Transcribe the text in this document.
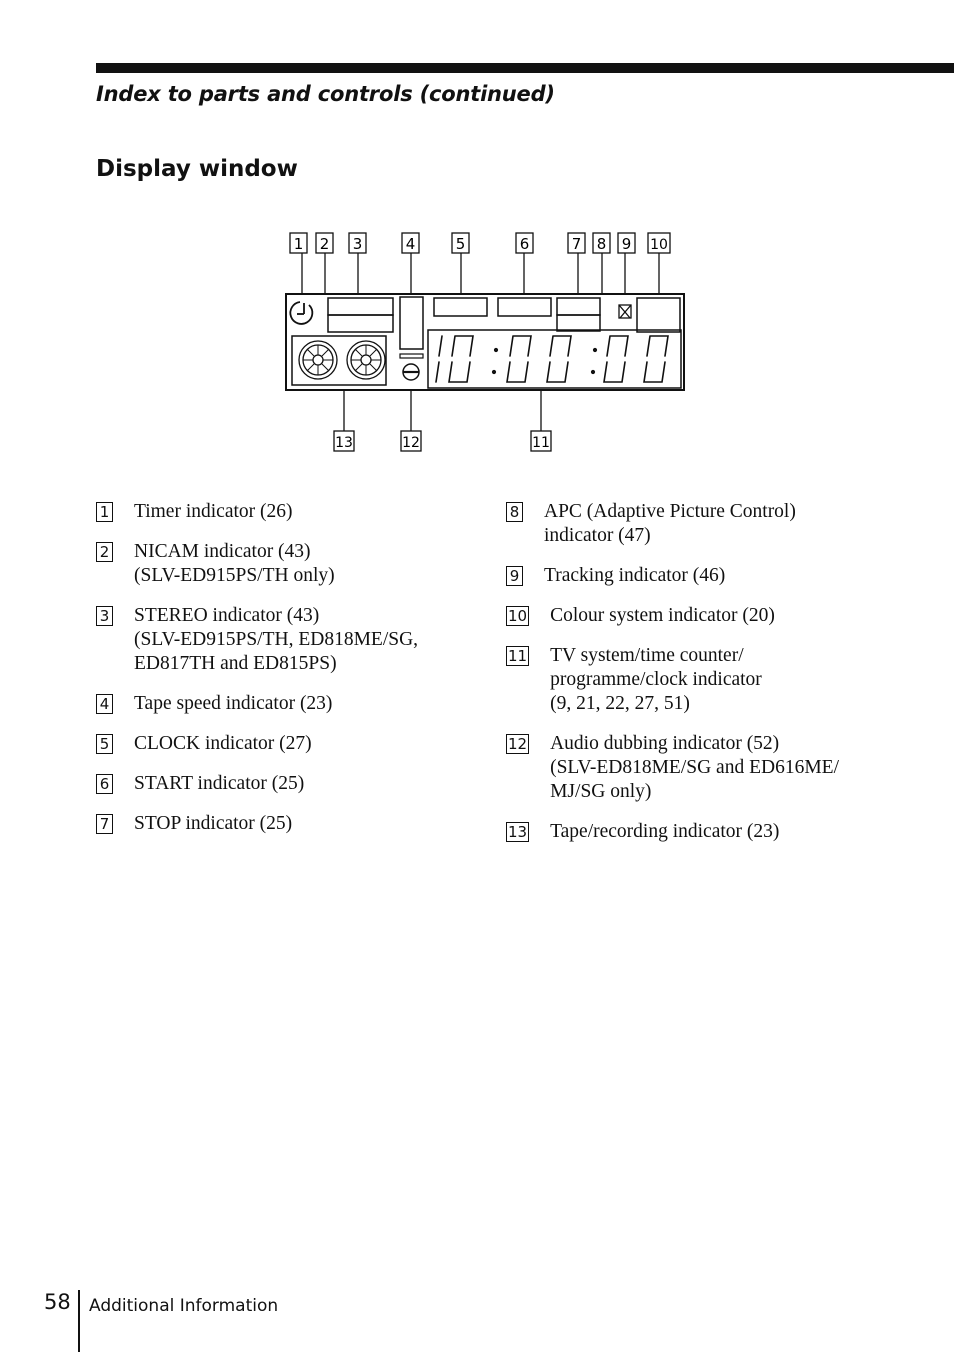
Index to parts and controls (continued)
Display window
1 2 3	4	5	6	7 8 9 10
13	12	11
1 Timer indicator (26)
2 NICAM indicator (43)
(SLV-ED915PS/TH only)
3 STEREO indicator (43)
(SLV-ED915PS/TH, ED818ME/SG,
ED817TH and ED815PS)
4 Tape speed indicator (23)
5 CLOCK indicator (27)
6 START indicator (25)
7 STOP indicator (25)
8 APC (Adaptive Picture Control)
indicator (47)
9 Tracking indicator (46)
10 Colour system indicator (20)
11 TV system/time counter/
programme/clock indicator
(9, 21, 22, 27, 51)
12 Audio dubbing indicator (52)
(SLV-ED818ME/SG and ED616ME/
MJ/SG only)
13 Tape/recording indicator (23)
58 Additional Information
